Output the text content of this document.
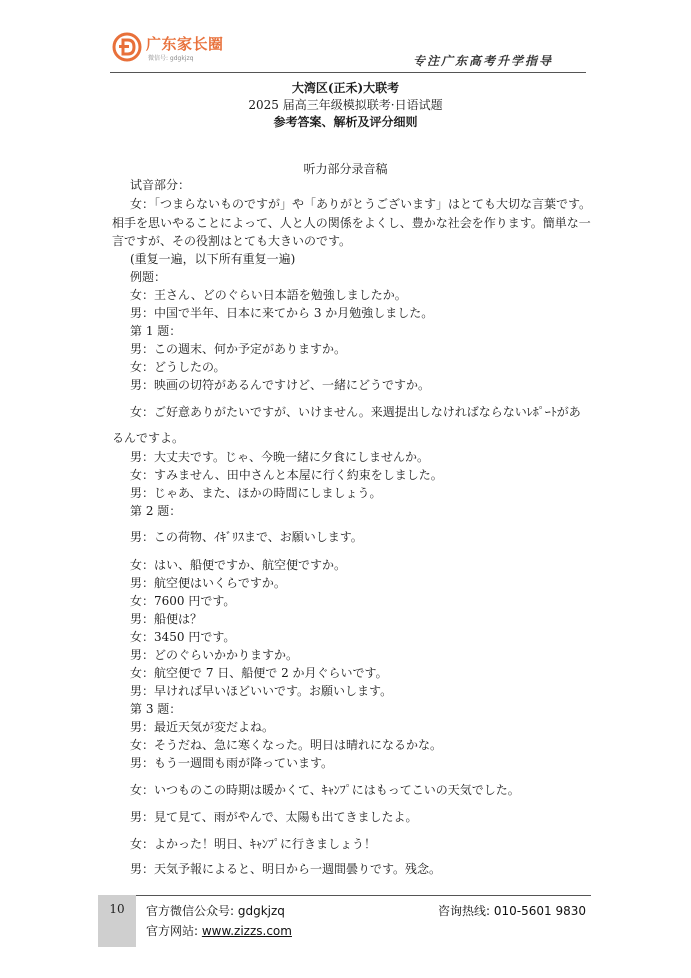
广东家长圈
微信号: gdgkjzq	专注广东高考升学指导
大湾区(正禾)大联考
2025 届高三年级模拟联考·日语试题
参考答案、解析及评分细则
听力部分录音稿
试音部分：
女：「つまらないものですが」や「ありがとうございます」はとても大切な言葉です。
相手を思いやることによって、人と人の関係をよくし、豊かな社会を作ります。簡単な一
言ですが、その役割はとても大きいのです。
(重复一遍，以下所有重复一遍)
例题：
女：王さん、どのぐらい日本語を勉強しましたか。
男：中国で半年、日本に来てから 3 か月勉強しました。
第 1 题：
男：この週末、何か予定がありますか。
女：どうしたの。
男：映画の切符があるんですけど、一緒にどうですか。
女：ご好意ありがたいですが、いけません。来週提出しなければならないﾚﾎﾟｰﾄがあ
るんですよ。
男：大丈夫です。じゃ、今晩一緒に夕食にしませんか。
女：すみません、田中さんと本屋に行く約束をしました。
男：じゃあ、また、ほかの時間にしましょう。
第 2 题：
男：この荷物、ｲｷﾞﾘｽまで、お願いします。
女：はい、船便ですか、航空便ですか。
男：航空便はいくらですか。
女：7600 円です。
男：船便は？
女：3450 円です。
男：どのぐらいかかりますか。
女：航空便で 7 日、船便で 2 か月ぐらいです。
男：早ければ早いほどいいです。お願いします。
第 3 题：
男：最近天気が変だよね。
女：そうだね、急に寒くなった。明日は晴れになるかな。
男：もう一週間も雨が降っています。
女：いつものこの時期は暖かくて、ｷｬﾝﾌﾟにはもってこいの天気でした。
男：見て見て、雨がやんで、太陽も出てきましたよ。
女：よかった！明日、ｷｬﾝﾌﾟに行きましょう！
男：天気予報によると、明日から一週間曇りです。残念。
10	官方微信公众号: gdgkjzq	咨询热线: 010-5601 9830
官方网站: www.zizzs.com
